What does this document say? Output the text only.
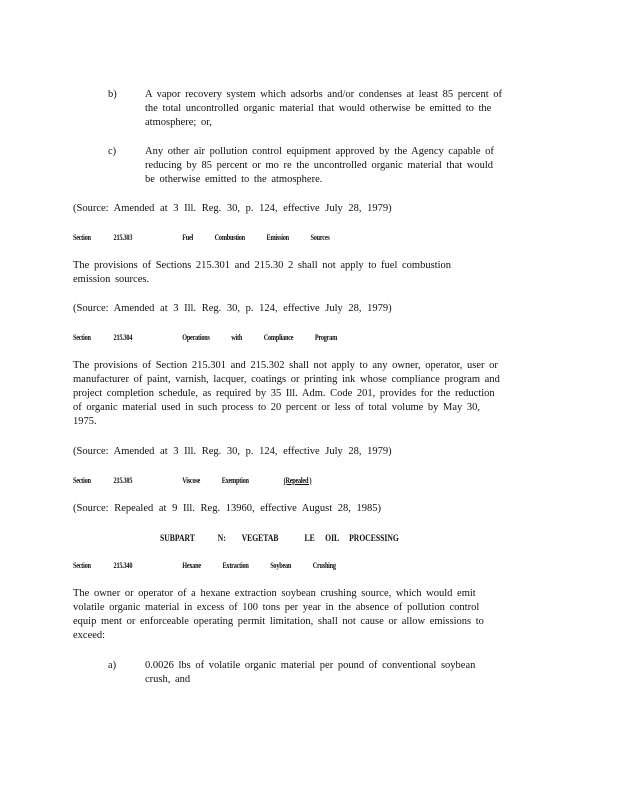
b)	A vapor recovery system which adsorbs and/or condenses at least 85 percent of the total uncontrolled organic material that would otherwise be emitted to the atmosphere; or,
c)	Any other air pollution control equipment approved by the Agency capable of reducing by 85 percent or mo re the uncontrolled organic material that would be otherwise emitted to the atmosphere.
(Source: Amended at 3 Ill. Reg. 30, p. 124, effective July 28, 1979)
Section	215.303	Fuel Combustion Emission Sources
The provisions of Sections 215.301 and 215.30 2 shall not apply to fuel combustion emission sources.
(Source: Amended at 3 Ill. Reg. 30, p. 124, effective July 28, 1979)
Section	215.304	Operations with Compliance Program
The provisions of Section 215.301 and 215.302 shall not apply to any owner, operator, user or manufacturer of paint, varnish, lacquer, coatings or printing ink whose compliance program and project completion schedule, as required by 35 Ill. Adm. Code 201, provides for the reduction of organic material used in such process to 20 percent or less of total volume by May 30, 1975.
(Source: Amended at 3 Ill. Reg. 30, p. 124, effective July 28, 1979)
Section	215.305	Viscose Exemption	(Repealed )
(Source: Repealed at 9 Ill. Reg. 13960, effective August 28, 1985)
SUBPART	N: VEGETAB	LE OIL PROCESSING
Section	215.340	Hexane Extraction Soybean Crushing
The owner or operator of a hexane extraction soybean crushing source, which would emit volatile organic material in excess of 100 tons per year in the absence of pollution control equip ment or enforceable operating permit limitation, shall not cause or allow emissions to exceed:
a)	0.0026 lbs of volatile organic material per pound of conventional soybean crush, and
